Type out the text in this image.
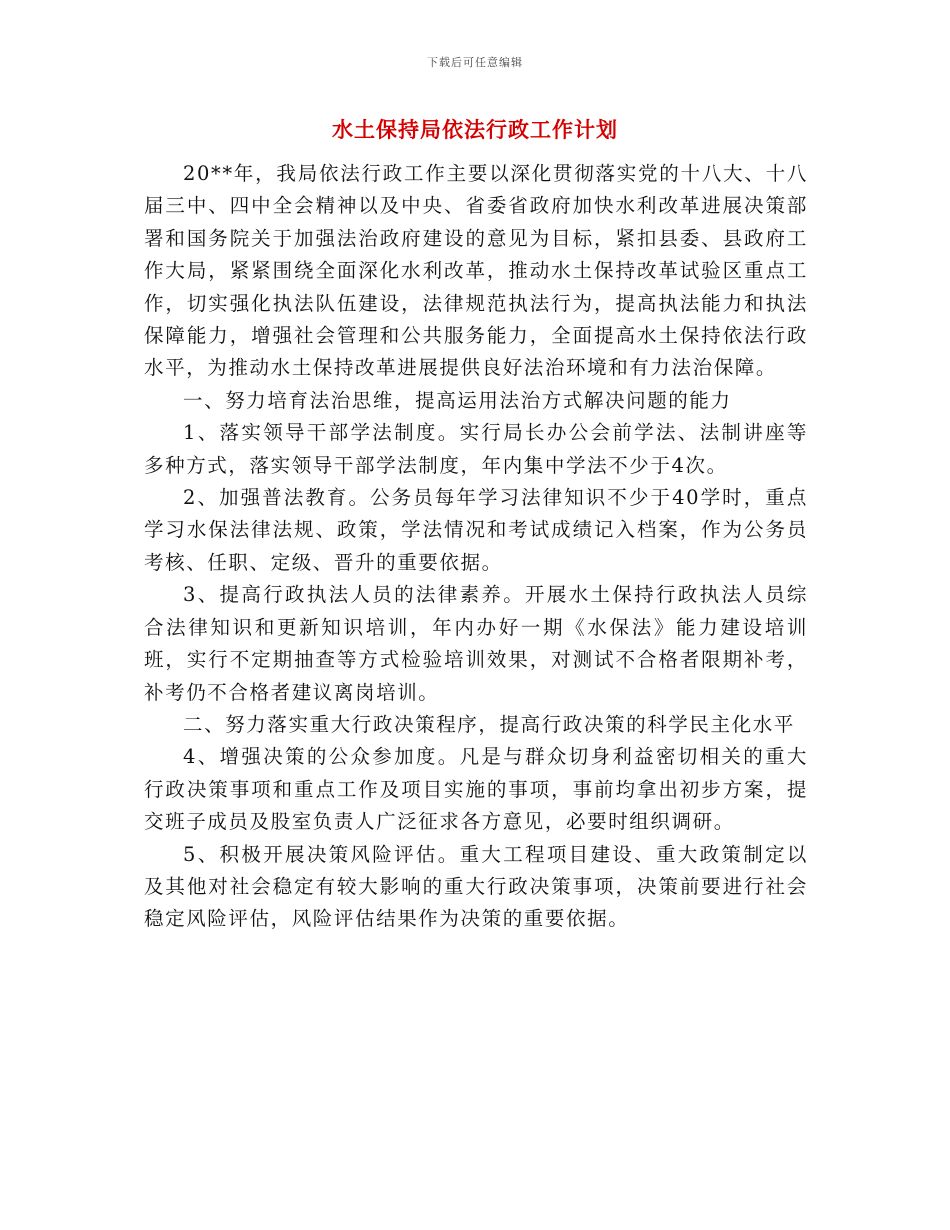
下载后可任意编辑
水土保持局依法行政工作计划

20**年，我局依法行政工作主要以深化贯彻落实党的十八大、十八届三中、四中全会精神以及中央、省委省政府加快水利改革进展决策部署和国务院关于加强法治政府建设的意见为目标，紧扣县委、县政府工作大局，紧紧围绕全面深化水利改革，推动水土保持改革试验区重点工作，切实强化执法队伍建设，法律规范执法行为，提高执法能力和执法保障能力，增强社会管理和公共服务能力，全面提高水土保持依法行政水平，为推动水土保持改革进展提供良好法治环境和有力法治保障。

一、努力培育法治思维，提高运用法治方式解决问题的能力

1、落实领导干部学法制度。实行局长办公会前学法、法制讲座等多种方式，落实领导干部学法制度，年内集中学法不少于4次。

2、加强普法教育。公务员每年学习法律知识不少于40学时，重点学习水保法律法规、政策，学法情况和考试成绩记入档案，作为公务员考核、任职、定级、晋升的重要依据。

3、提高行政执法人员的法律素养。开展水土保持行政执法人员综合法律知识和更新知识培训，年内办好一期《水保法》能力建设培训班，实行不定期抽查等方式检验培训效果，对测试不合格者限期补考，补考仍不合格者建议离岗培训。

二、努力落实重大行政决策程序，提高行政决策的科学民主化水平

4、增强决策的公众参加度。凡是与群众切身利益密切相关的重大行政决策事项和重点工作及项目实施的事项，事前均拿出初步方案，提交班子成员及股室负责人广泛征求各方意见，必要时组织调研。

5、积极开展决策风险评估。重大工程项目建设、重大政策制定以及其他对社会稳定有较大影响的重大行政决策事项，决策前要进行社会稳定风险评估，风险评估结果作为决策的重要依据。
